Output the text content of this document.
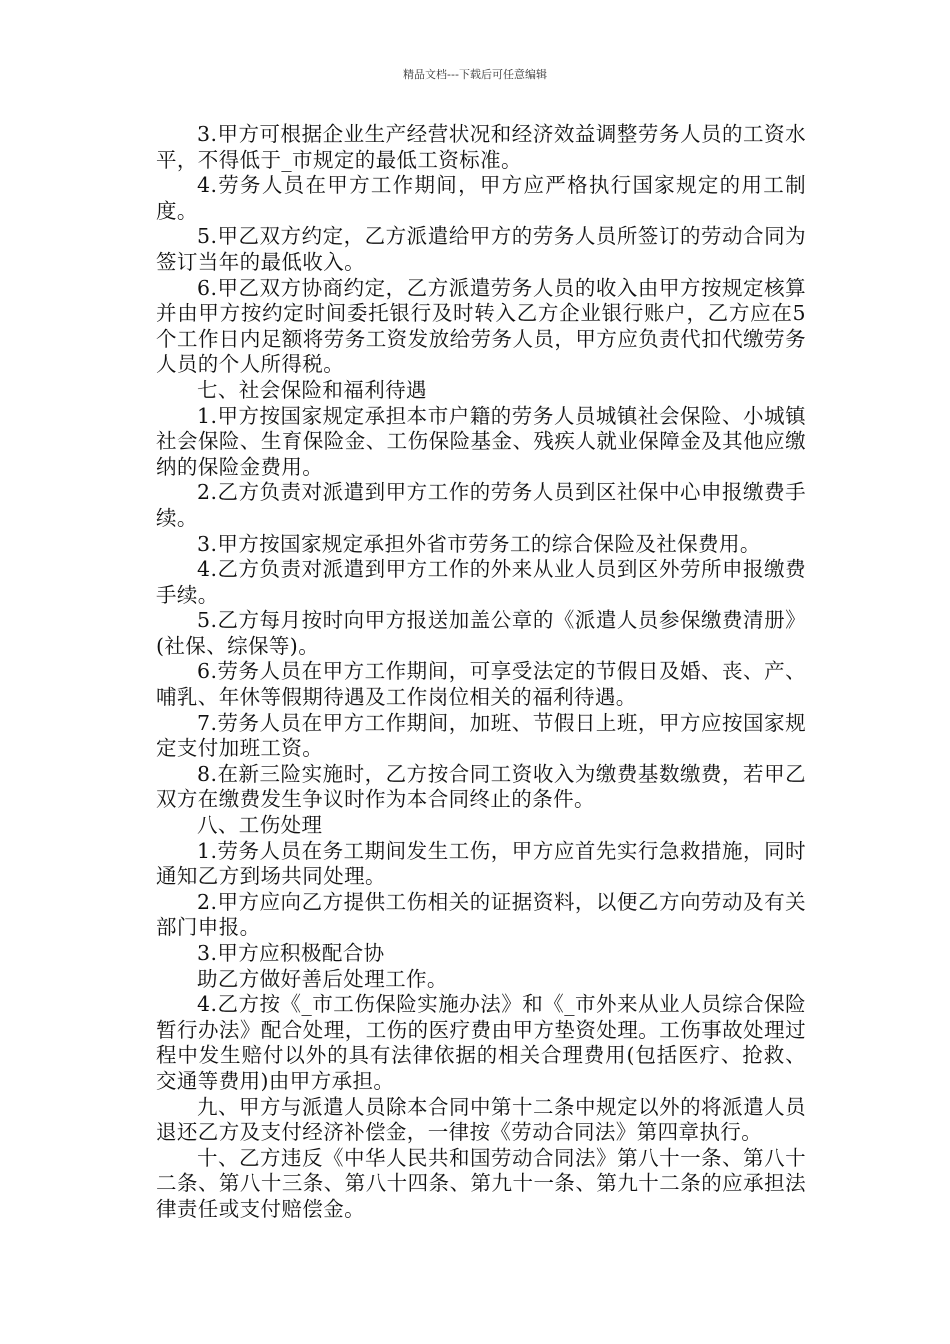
精品文档---下载后可任意编辑

3.甲方可根据企业生产经营状况和经济效益调整劳务人员的工资水平，不得低于_市规定的最低工资标准。

4.劳务人员在甲方工作期间，甲方应严格执行国家规定的用工制度。

5.甲乙双方约定，乙方派遣给甲方的劳务人员所签订的劳动合同为签订当年的最低收入。

6.甲乙双方协商约定，乙方派遣劳务人员的收入由甲方按规定核算并由甲方按约定时间委托银行及时转入乙方企业银行账户，乙方应在5个工作日内足额将劳务工资发放给劳务人员，甲方应负责代扣代缴劳务人员的个人所得税。

七、社会保险和福利待遇

1.甲方按国家规定承担本市户籍的劳务人员城镇社会保险、小城镇社会保险、生育保险金、工伤保险基金、残疾人就业保障金及其他应缴纳的保险金费用。

2.乙方负责对派遣到甲方工作的劳务人员到区社保中心申报缴费手续。

3.甲方按国家规定承担外省市劳务工的综合保险及社保费用。

4.乙方负责对派遣到甲方工作的外来从业人员到区外劳所申报缴费手续。

5.乙方每月按时向甲方报送加盖公章的《派遣人员参保缴费清册》(社保、综保等)。

6.劳务人员在甲方工作期间，可享受法定的节假日及婚、丧、产、哺乳、年休等假期待遇及工作岗位相关的福利待遇。

7.劳务人员在甲方工作期间，加班、节假日上班，甲方应按国家规定支付加班工资。

8.在新三险实施时，乙方按合同工资收入为缴费基数缴费，若甲乙双方在缴费发生争议时作为本合同终止的条件。

八、工伤处理

1.劳务人员在务工期间发生工伤，甲方应首先实行急救措施，同时通知乙方到场共同处理。

2.甲方应向乙方提供工伤相关的证据资料，以便乙方向劳动及有关部门申报。

3.甲方应积极配合协

助乙方做好善后处理工作。

4.乙方按《_市工伤保险实施办法》和《_市外来从业人员综合保险暂行办法》配合处理，工伤的医疗费由甲方垫资处理。工伤事故处理过程中发生赔付以外的具有法律依据的相关合理费用(包括医疗、抢救、交通等费用)由甲方承担。

九、甲方与派遣人员除本合同中第十二条中规定以外的将派遣人员退还乙方及支付经济补偿金，一律按《劳动合同法》第四章执行。

十、乙方违反《中华人民共和国劳动合同法》第八十一条、第八十二条、第八十三条、第八十四条、第九十一条、第九十二条的应承担法律责任或支付赔偿金。
